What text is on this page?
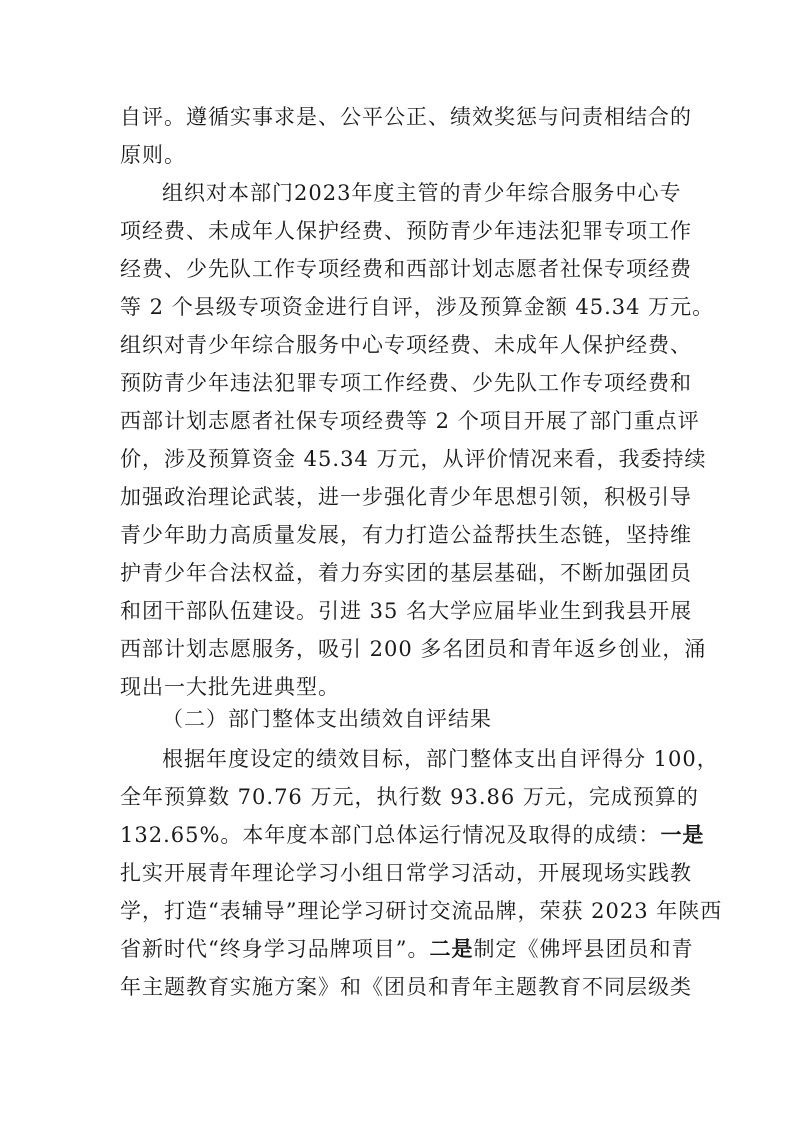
自评。遵循实事求是、公平公正、绩效奖惩与问责相结合的
原则。
组织对本部门2023年度主管的青少年综合服务中心专
项经费、未成年人保护经费、预防青少年违法犯罪专项工作
经费、少先队工作专项经费和西部计划志愿者社保专项经费
等 2 个县级专项资金进行自评，涉及预算金额 45.34 万元。
组织对青少年综合服务中心专项经费、未成年人保护经费、
预防青少年违法犯罪专项工作经费、少先队工作专项经费和
西部计划志愿者社保专项经费等 2 个项目开展了部门重点评
价，涉及预算资金 45.34 万元，从评价情况来看，我委持续
加强政治理论武装，进一步强化青少年思想引领，积极引导
青少年助力高质量发展，有力打造公益帮扶生态链，坚持维
护青少年合法权益，着力夯实团的基层基础，不断加强团员
和团干部队伍建设。引进 35 名大学应届毕业生到我县开展
西部计划志愿服务，吸引 200 多名团员和青年返乡创业，涌
现出一大批先进典型。
（二）部门整体支出绩效自评结果
根据年度设定的绩效目标，部门整体支出自评得分 100，
全年预算数 70.76 万元，执行数 93.86 万元，完成预算的
132.65%。本年度本部门总体运行情况及取得的成绩：一是
扎实开展青年理论学习小组日常学习活动，开展现场实践教
学，打造“表辅导”理论学习研讨交流品牌，荣获 2023 年陕西
省新时代“终身学习品牌项目”。二是制定《佛坪县团员和青
年主题教育实施方案》和《团员和青年主题教育不同层级类
